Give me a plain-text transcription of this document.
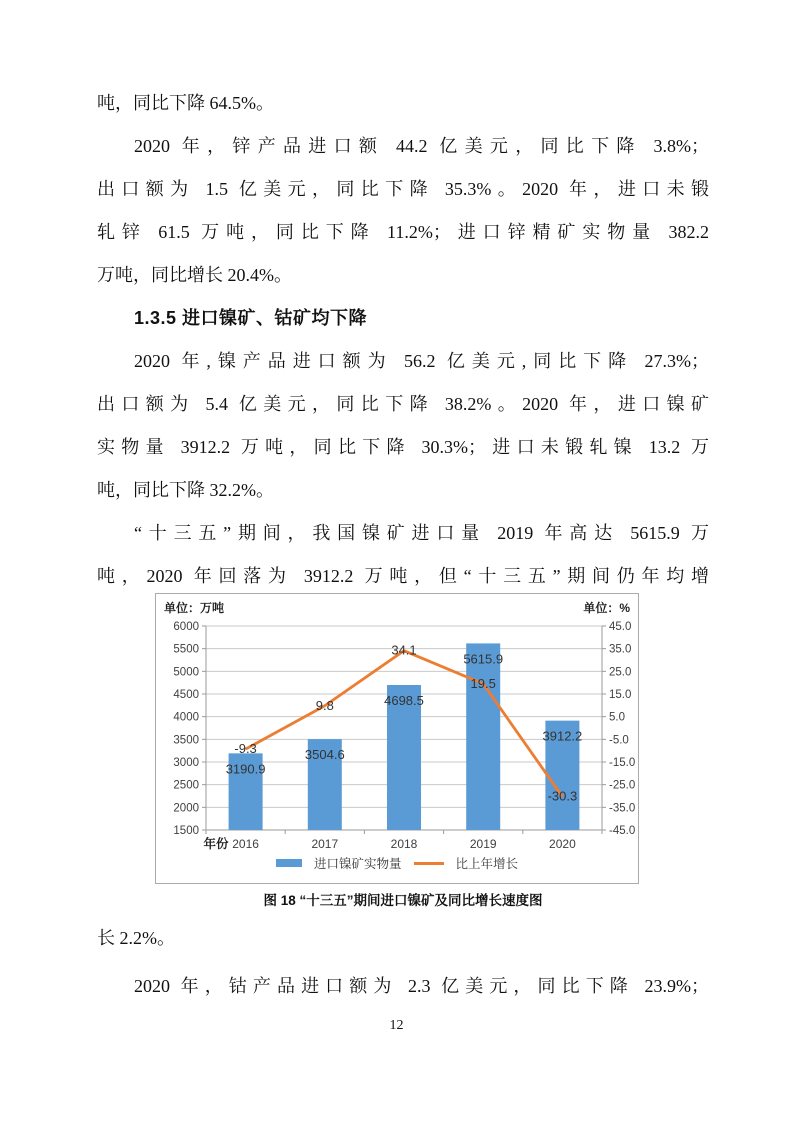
吨，同比下降 64.5%。
2020 年，锌产品进口额 44.2 亿美元，同比下降 3.8%；
出口额为 1.5 亿美元，同比下降 35.3%。2020 年，进口未锻
轧锌 61.5 万吨，同比下降 11.2%；进口锌精矿实物量 382.2
万吨，同比增长 20.4%。
1.3.5 进口镍矿、钴矿均下降
2020 年,镍产品进口额为 56.2 亿美元,同比下降 27.3%；
出口额为 5.4 亿美元，同比下降 38.2%。2020 年，进口镍矿
实物量 3912.2 万吨，同比下降 30.3%；进口未锻轧镍 13.2 万
吨，同比下降 32.2%。
“十三五”期间，我国镍矿进口量 2019 年高达 5615.9 万
吨，2020 年回落为 3912.2 万吨，但“十三五”期间仍年均增
单位：万吨	单位：%
6000	45.0
5500	35.0
5000	25.0
4500	15.0
4000	5.0
3500	-5.0
3000	-15.0
2500	-25.0
2000	-35.0
1500	-45.0
3190.9
3504.6
4698.5
5615.9
3912.2
-9.3
9.8
34.1
19.5
-30.3
2016	2017	2018	2019	2020
年份
进口镍矿实物量	比上年增长
图 18 “十三五”期间进口镍矿及同比增长速度图
长 2.2%。
2020 年，钴产品进口额为 2.3 亿美元，同比下降 23.9%；
12
